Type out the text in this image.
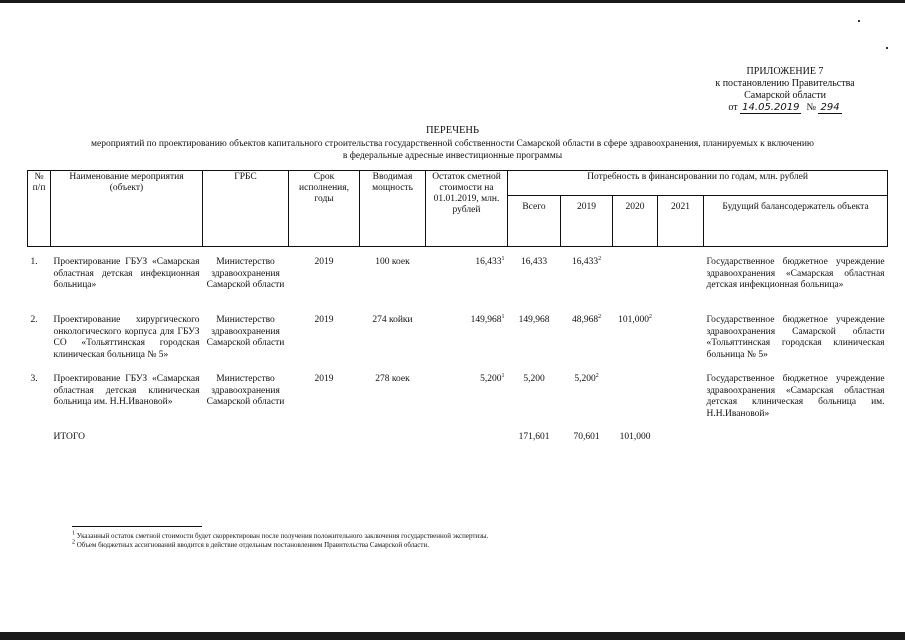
ПРИЛОЖЕНИЕ 7
к постановлению Правительства
Самарской области
от 14.05.2019 № 294
ПЕРЕЧЕНЬ
мероприятий по проектированию объектов капитального строительства государственной собственности Самарской области в сфере здравоохранения, планируемых к включению
в федеральные адресные инвестиционные программы
№ п/п	Наименование мероприятия (объект)	ГРБС	Срок исполнения, годы	Вводимая мощность	Остаток сметной стоимости на 01.01.2019, млн. рублей	Потребность в финансировании по годам, млн. рублей				
						Всего	2019	2020	2021	Будущий балансодержатель объекта

1.	Проектирование ГБУЗ «Самарская областная детская инфекционная больница»	Министерство здравоохранения Самарской области	2019	100 коек	16,433$^1$	16,433	16,433$^2$			Государственное бюджетное учреждение здравоохранения «Самарская областная детская инфекционная больница»
2.	Проектирование хирургического онкологического корпуса для ГБУЗ СО «Тольяттинская городская клиническая больница № 5»	Министерство здравоохранения Самарской области	2019	274 койки	149,968$^1$	149,968	48,968$^2$	101,000$^2$		Государственное бюджетное учреждение здравоохранения Самарской области «Тольяттинская городская клиническая больница № 5»
3.	Проектирование ГБУЗ «Самарская областная детская клиническая больница им. Н.Н.Ивановой»	Министерство здравоохранения Самарской области	2019	278 коек	5,200$^1$	5,200	5,200$^2$			Государственное бюджетное учреждение здравоохранения «Самарская областная детская клиническая больница им. Н.Н.Ивановой»
	ИТОГО					171,601	70,601	101,000		
$^1$ Указанный остаток сметной стоимости будет скорректирован после получения положительного заключения государственной экспертизы.
$^2$ Объем бюджетных ассигнований вводится в действие отдельным постановлением Правительства Самарской области.
